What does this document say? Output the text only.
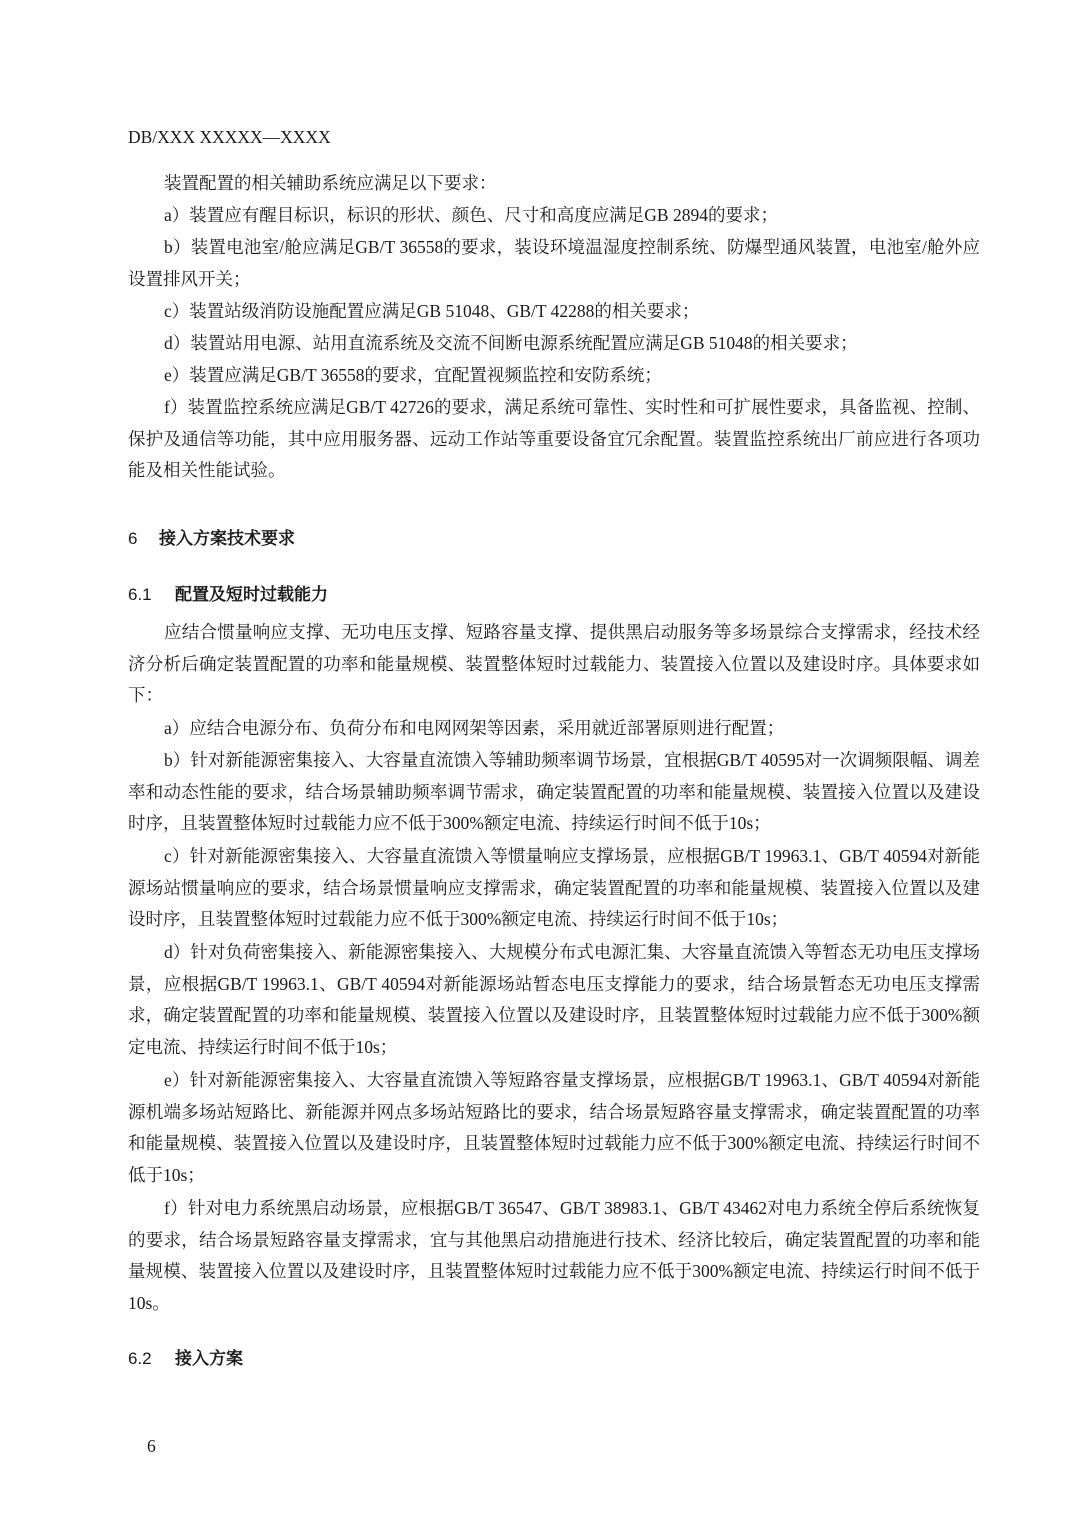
DB/XXX XXXXX—XXXX

装置配置的相关辅助系统应满足以下要求：

a）装置应有醒目标识，标识的形状、颜色、尺寸和高度应满足GB 2894的要求；

b）装置电池室/舱应满足GB/T 36558的要求，装设环境温湿度控制系统、防爆型通风装置，电池室/舱外应设置排风开关；

c）装置站级消防设施配置应满足GB 51048、GB/T 42288的相关要求；

d）装置站用电源、站用直流系统及交流不间断电源系统配置应满足GB 51048的相关要求；

e）装置应满足GB/T 36558的要求，宜配置视频监控和安防系统；

f）装置监控系统应满足GB/T 42726的要求，满足系统可靠性、实时性和可扩展性要求，具备监视、控制、保护及通信等功能，其中应用服务器、远动工作站等重要设备宜冗余配置。装置监控系统出厂前应进行各项功能及相关性能试验。

6 接入方案技术要求

6.1 配置及短时过载能力

应结合惯量响应支撑、无功电压支撑、短路容量支撑、提供黑启动服务等多场景综合支撑需求，经技术经济分析后确定装置配置的功率和能量规模、装置整体短时过载能力、装置接入位置以及建设时序。具体要求如下：

a）应结合电源分布、负荷分布和电网网架等因素，采用就近部署原则进行配置；

b）针对新能源密集接入、大容量直流馈入等辅助频率调节场景，宜根据GB/T 40595对一次调频限幅、调差率和动态性能的要求，结合场景辅助频率调节需求，确定装置配置的功率和能量规模、装置接入位置以及建设时序，且装置整体短时过载能力应不低于300%额定电流、持续运行时间不低于10s；

c）针对新能源密集接入、大容量直流馈入等惯量响应支撑场景，应根据GB/T 19963.1、GB/T 40594对新能源场站惯量响应的要求，结合场景惯量响应支撑需求，确定装置配置的功率和能量规模、装置接入位置以及建设时序，且装置整体短时过载能力应不低于300%额定电流、持续运行时间不低于10s；

d）针对负荷密集接入、新能源密集接入、大规模分布式电源汇集、大容量直流馈入等暂态无功电压支撑场景，应根据GB/T 19963.1、GB/T 40594对新能源场站暂态电压支撑能力的要求，结合场景暂态无功电压支撑需求，确定装置配置的功率和能量规模、装置接入位置以及建设时序，且装置整体短时过载能力应不低于300%额定电流、持续运行时间不低于10s；

e）针对新能源密集接入、大容量直流馈入等短路容量支撑场景，应根据GB/T 19963.1、GB/T 40594对新能源机端多场站短路比、新能源并网点多场站短路比的要求，结合场景短路容量支撑需求，确定装置配置的功率和能量规模、装置接入位置以及建设时序，且装置整体短时过载能力应不低于300%额定电流、持续运行时间不低于10s；

f）针对电力系统黑启动场景，应根据GB/T 36547、GB/T 38983.1、GB/T 43462对电力系统全停后系统恢复的要求，结合场景短路容量支撑需求，宜与其他黑启动措施进行技术、经济比较后，确定装置配置的功率和能量规模、装置接入位置以及建设时序，且装置整体短时过载能力应不低于300%额定电流、持续运行时间不低于10s。

6.2 接入方案

6
